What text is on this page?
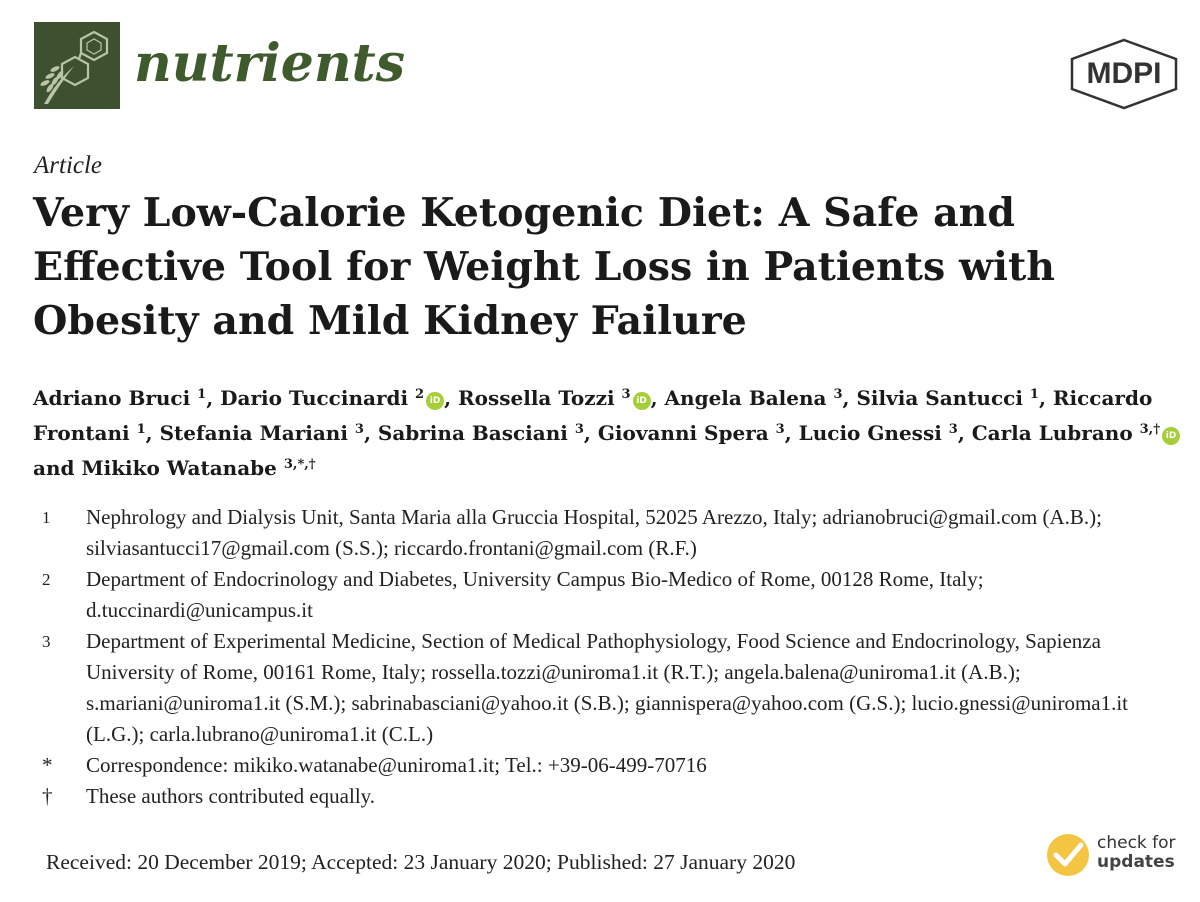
nutrients	MDPI
Article
Very Low-Calorie Ketogenic Diet: A Safe and Effective Tool for Weight Loss in Patients with Obesity and Mild Kidney Failure

Adriano Bruci $^1$, Dario Tuccinardi $^2$ iD , Rossella Tozzi $^3$ iD , Angela Balena $^3$, Silvia Santucci $^1$, Riccardo Frontani $^1$, Stefania Mariani $^3$, Sabrina Basciani $^3$, Giovanni Spera $^3$, Lucio Gnessi $^3$, Carla Lubrano $^{3,\dagger}$ iD and Mikiko Watanabe $^{3,*,\dagger}$

1	Nephrology and Dialysis Unit, Santa Maria alla Gruccia Hospital, 52025 Arezzo, Italy; adrianobruci@gmail.com (A.B.); silviasantucci17@gmail.com (S.S.); riccardo.frontani@gmail.com (R.F.)
2	Department of Endocrinology and Diabetes, University Campus Bio-Medico of Rome, 00128 Rome, Italy; d.tuccinardi@unicampus.it
3	Department of Experimental Medicine, Section of Medical Pathophysiology, Food Science and Endocrinology, Sapienza University of Rome, 00161 Rome, Italy; rossella.tozzi@uniroma1.it (R.T.); angela.balena@uniroma1.it (A.B.); s.mariani@uniroma1.it (S.M.); sabrinabasciani@yahoo.it (S.B.); giannispera@yahoo.com (G.S.); lucio.gnessi@uniroma1.it (L.G.); carla.lubrano@uniroma1.it (C.L.)
*	Correspondence: mikiko.watanabe@uniroma1.it; Tel.: +39-06-499-70716
†	These authors contributed equally.
Received: 20 December 2019; Accepted: 23 January 2020; Published: 27 January 2020
check for
updates
